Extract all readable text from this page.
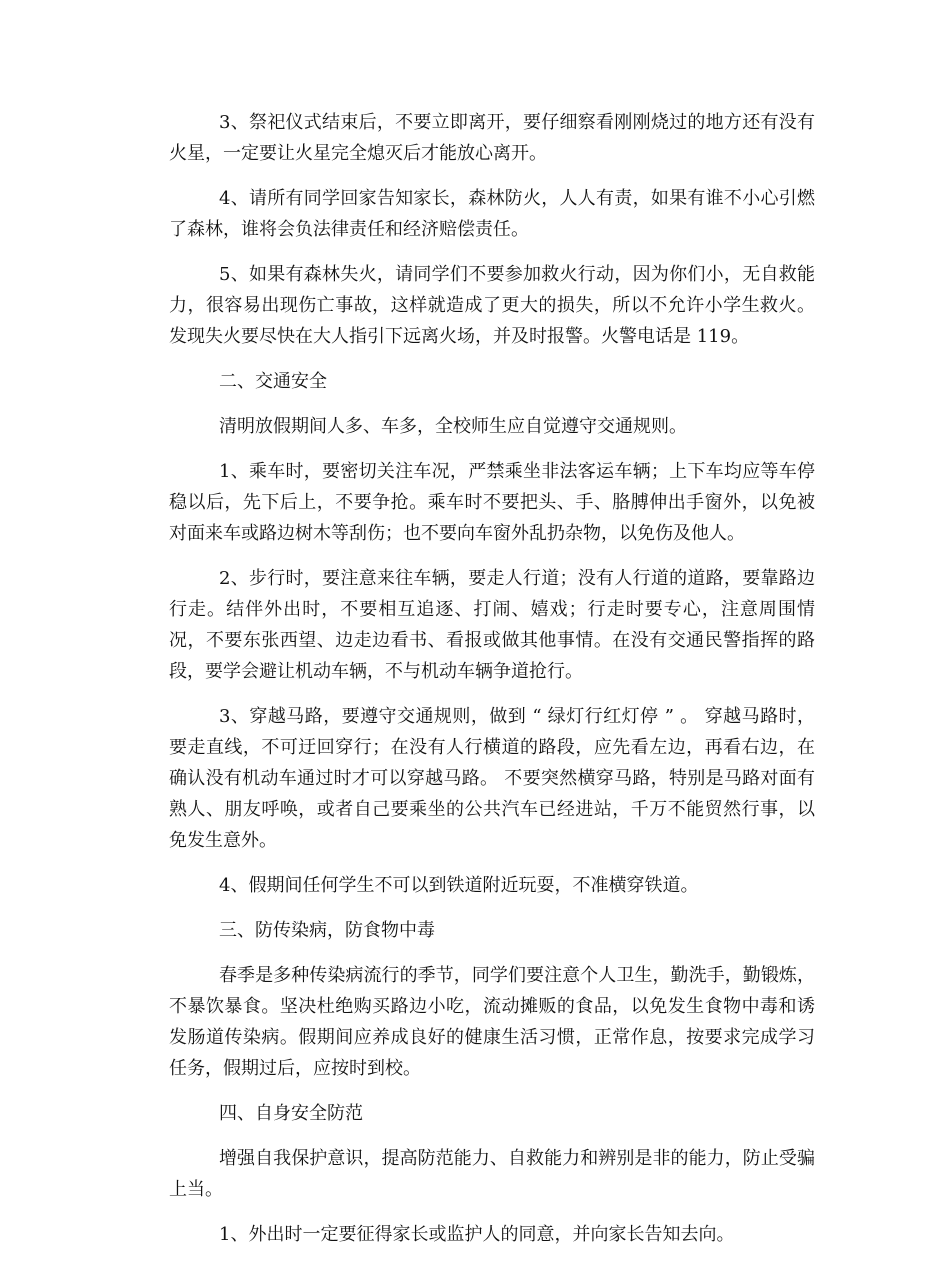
3、祭祀仪式结束后，不要立即离开，要仔细察看刚刚烧过的地方还有没有火星，一定要让火星完全熄灭后才能放心离开。

4、请所有同学回家告知家长，森林防火，人人有责，如果有谁不小心引燃了森林，谁将会负法律责任和经济赔偿责任。

5、如果有森林失火，请同学们不要参加救火行动，因为你们小，无自救能力，很容易出现伤亡事故，这样就造成了更大的损失，所以不允许小学生救火。发现失火要尽快在大人指引下远离火场，并及时报警。火警电话是 119。

二、交通安全

清明放假期间人多、车多，全校师生应自觉遵守交通规则。

1、乘车时，要密切关注车况，严禁乘坐非法客运车辆；上下车均应等车停稳以后，先下后上，不要争抢。乘车时不要把头、手、胳膊伸出手窗外，以免被对面来车或路边树木等刮伤；也不要向车窗外乱扔杂物，以免伤及他人。

2、步行时，要注意来往车辆，要走人行道；没有人行道的道路，要靠路边行走。结伴外出时，不要相互追逐、打闹、嬉戏；行走时要专心，注意周围情况，不要东张西望、边走边看书、看报或做其他事情。在没有交通民警指挥的路段，要学会避让机动车辆，不与机动车辆争道抢行。

3、穿越马路，要遵守交通规则，做到 “ 绿灯行红灯停 ” 。 穿越马路时，要走直线，不可迂回穿行；在没有人行横道的路段，应先看左边，再看右边，在确认没有机动车通过时才可以穿越马路。 不要突然横穿马路，特别是马路对面有熟人、朋友呼唤，或者自己要乘坐的公共汽车已经进站，千万不能贸然行事，以免发生意外。

4、假期间任何学生不可以到铁道附近玩耍，不准横穿铁道。

三、防传染病，防食物中毒

春季是多种传染病流行的季节，同学们要注意个人卫生，勤洗手，勤锻炼，不暴饮暴食。坚决杜绝购买路边小吃，流动摊贩的食品，以免发生食物中毒和诱发肠道传染病。假期间应养成良好的健康生活习惯，正常作息，按要求完成学习任务，假期过后，应按时到校。

四、自身安全防范

增强自我保护意识，提高防范能力、自救能力和辨别是非的能力，防止受骗上当。

1、外出时一定要征得家长或监护人的同意，并向家长告知去向。
